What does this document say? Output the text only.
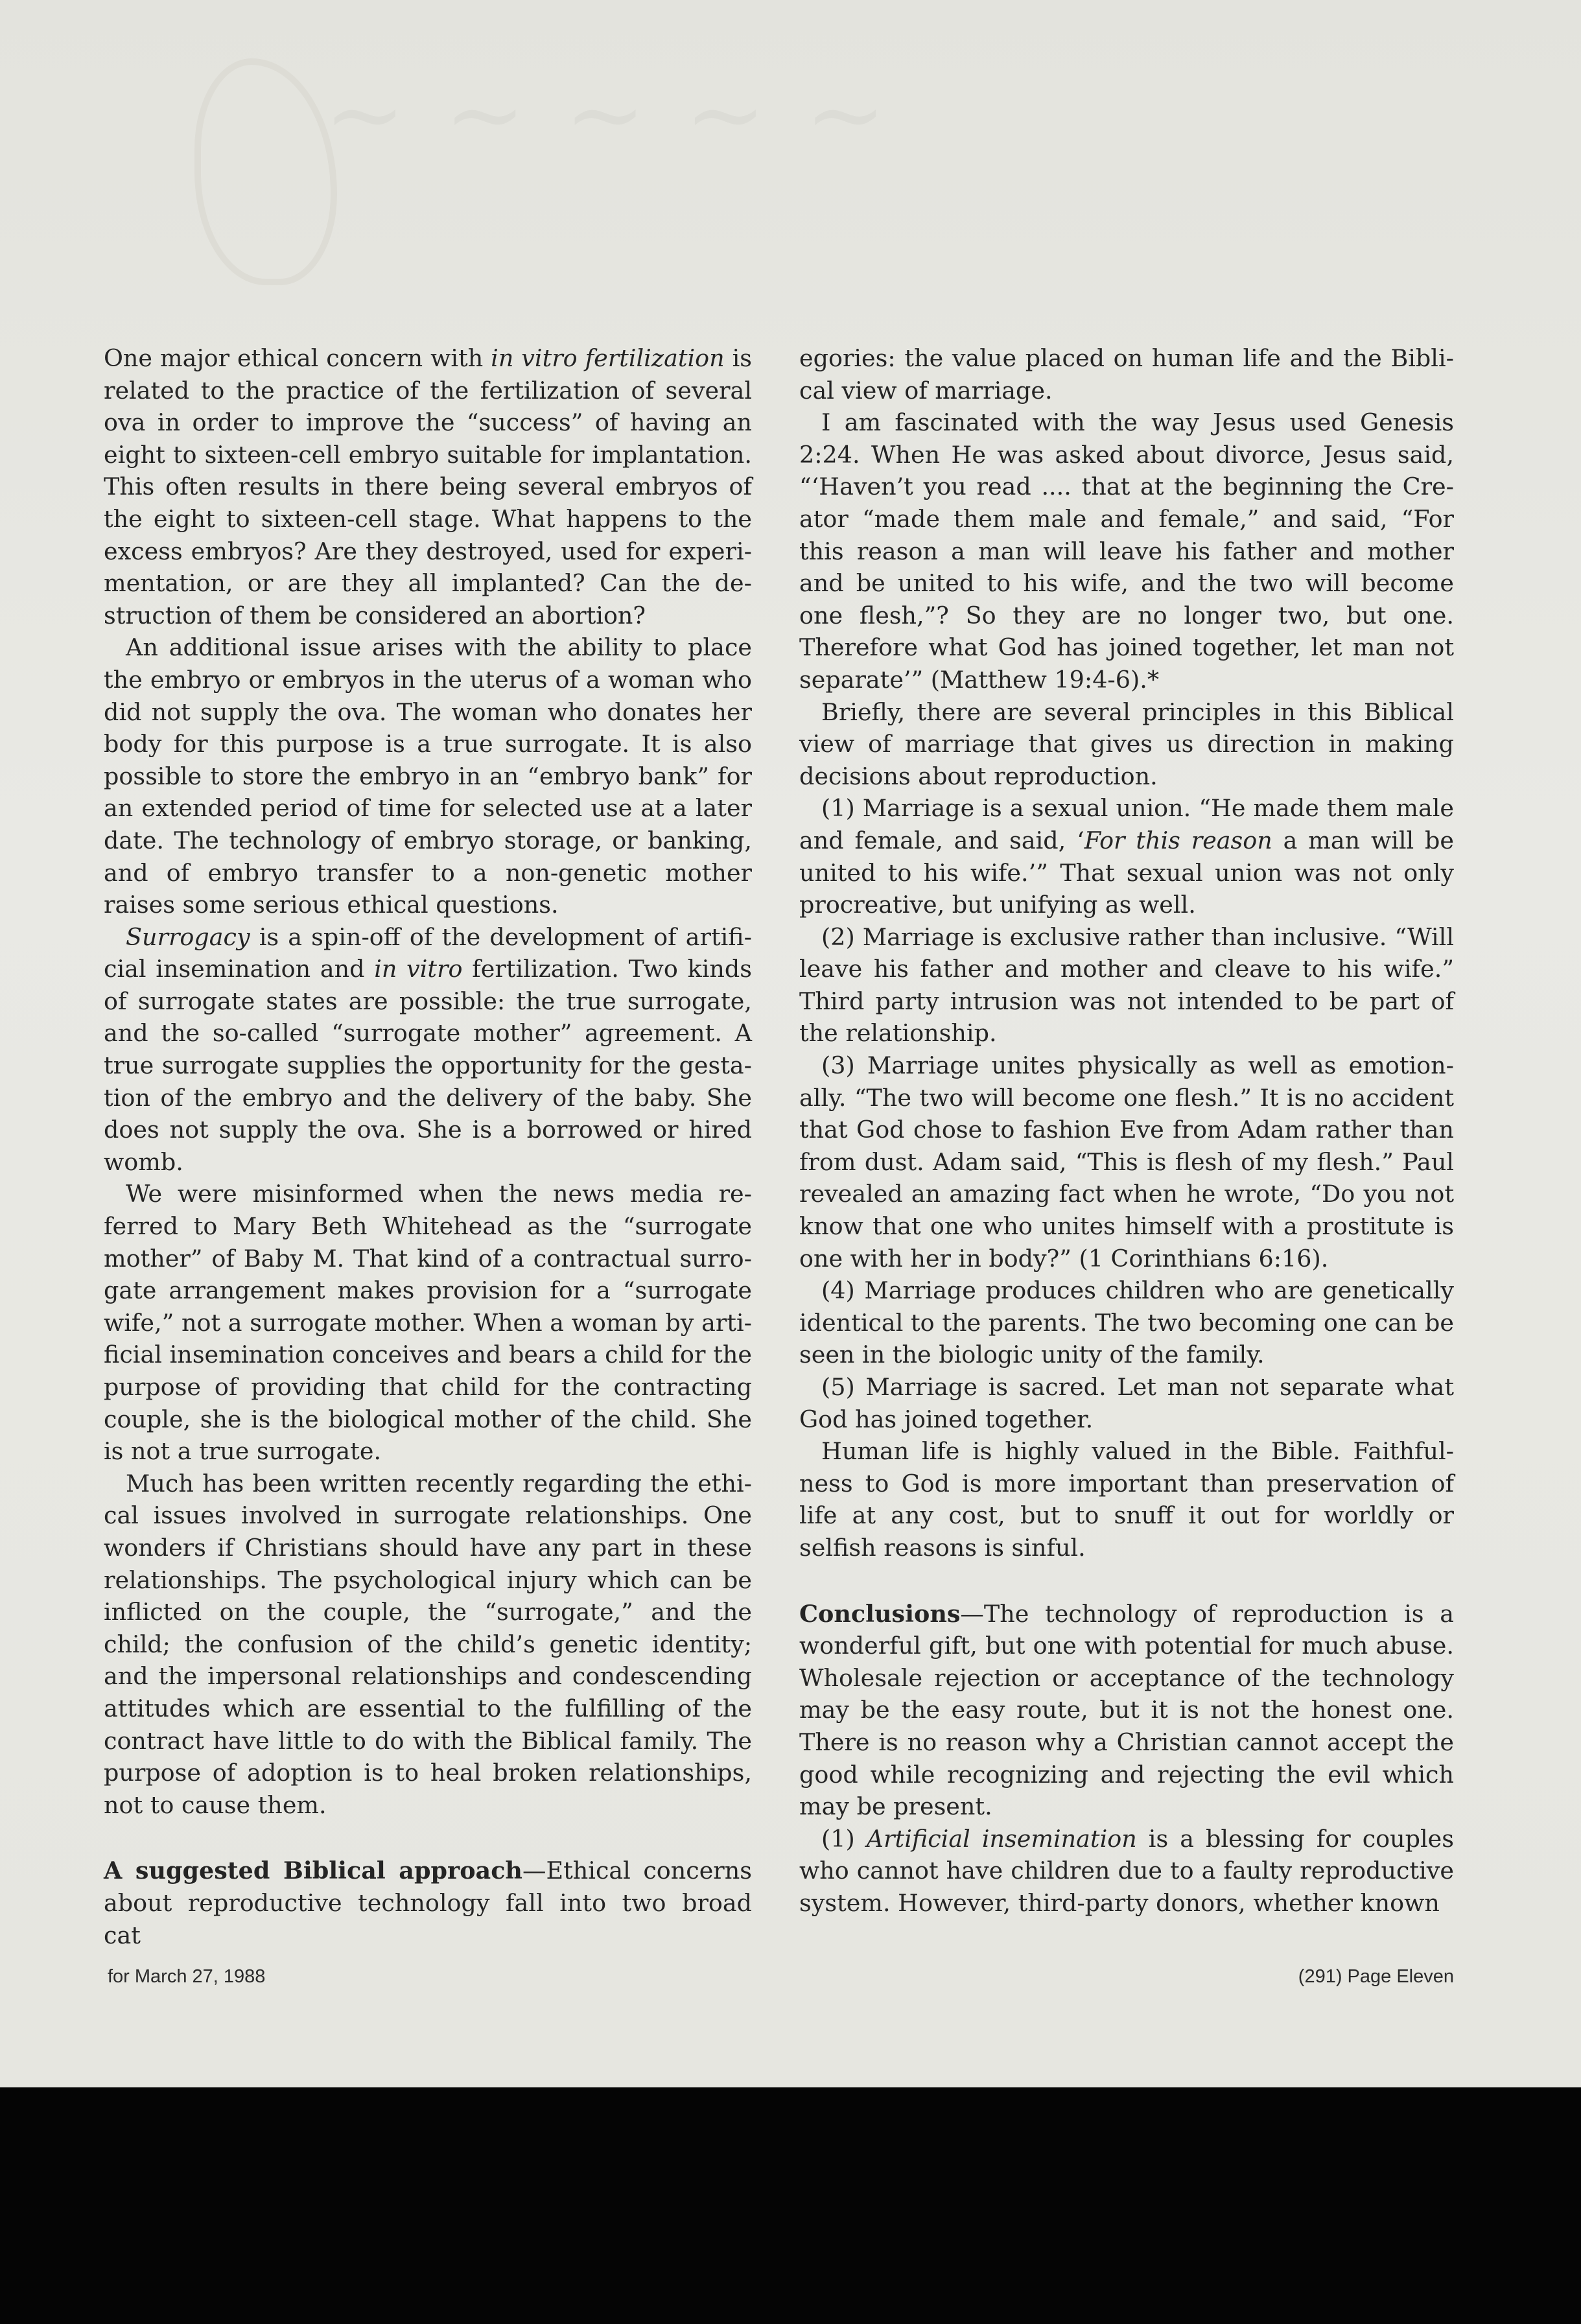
~ ~ ~ ~ ~

One major ethical concern with in vitro fertilization is related to the practice of the fertilization of several ova in order to improve the “success” of having an eight to sixteen-cell embryo suitable for implantation. This often results in there being several embryos of the eight to sixteen-cell stage. What happens to the excess embryos? Are they destroyed, used for experimentation, or are they all implanted? Can the destruction of them be considered an abortion?

An additional issue arises with the ability to place the embryo or embryos in the uterus of a woman who did not supply the ova. The woman who donates her body for this purpose is a true surrogate. It is also possible to store the embryo in an “embryo bank” for an extended period of time for selected use at a later date. The technology of embryo storage, or banking, and of embryo transfer to a non-genetic mother raises some serious ethical questions.

Surrogacy is a spin-off of the development of artificial insemination and in vitro fertilization. Two kinds of surrogate states are possible: the true surrogate, and the so-called “surrogate mother” agreement. A true surrogate supplies the opportunity for the gestation of the embryo and the delivery of the baby. She does not supply the ova. She is a borrowed or hired womb.

We were misinformed when the news media referred to Mary Beth Whitehead as the “surrogate mother” of Baby M. That kind of a contractual surrogate arrangement makes provision for a “surrogate wife,” not a surrogate mother. When a woman by artificial insemination conceives and bears a child for the purpose of providing that child for the contracting couple, she is the biological mother of the child. She is not a true surrogate.

Much has been written recently regarding the ethical issues involved in surrogate relationships. One wonders if Christians should have any part in these relationships. The psychological injury which can be inflicted on the couple, the “surrogate,” and the child; the confusion of the child’s genetic identity; and the impersonal relationships and condescending attitudes which are essential to the fulfilling of the contract have little to do with the Biblical family. The purpose of adoption is to heal broken relationships, not to cause them.

A suggested Biblical approach—Ethical concerns about reproductive technology fall into two broad cat

egories: the value placed on human life and the Biblical view of marriage.

I am fascinated with the way Jesus used Genesis 2:24. When He was asked about divorce, Jesus said, “‘Haven’t you read .... that at the beginning the Creator “made them male and female,” and said, “For this reason a man will leave his father and mother and be united to his wife, and the two will become one flesh,”? So they are no longer two, but one. Therefore what God has joined together, let man not separate’” (Matthew 19:4-6).*

Briefly, there are several principles in this Biblical view of marriage that gives us direction in making decisions about reproduction.

(1) Marriage is a sexual union. “He made them male and female, and said, ‘For this reason a man will be united to his wife.’” That sexual union was not only procreative, but unifying as well.

(2) Marriage is exclusive rather than inclusive. “Will leave his father and mother and cleave to his wife.” Third party intrusion was not intended to be part of the relationship.

(3) Marriage unites physically as well as emotionally. “The two will become one flesh.” It is no accident that God chose to fashion Eve from Adam rather than from dust. Adam said, “This is flesh of my flesh.” Paul revealed an amazing fact when he wrote, “Do you not know that one who unites himself with a prostitute is one with her in body?” (1 Corinthians 6:16).

(4) Marriage produces children who are genetically identical to the parents. The two becoming one can be seen in the biologic unity of the family.

(5) Marriage is sacred. Let man not separate what God has joined together.

Human life is highly valued in the Bible. Faithfulness to God is more important than preservation of life at any cost, but to snuff it out for worldly or selfish reasons is sinful.

Conclusions—The technology of reproduction is a wonderful gift, but one with potential for much abuse. Wholesale rejection or acceptance of the technology may be the easy route, but it is not the honest one. There is no reason why a Christian cannot accept the good while recognizing and rejecting the evil which may be present.

(1) Artificial insemination is a blessing for couples who cannot have children due to a faulty reproductive system. However, third-party donors, whether known

for March 27, 1988	(291) Page Eleven
